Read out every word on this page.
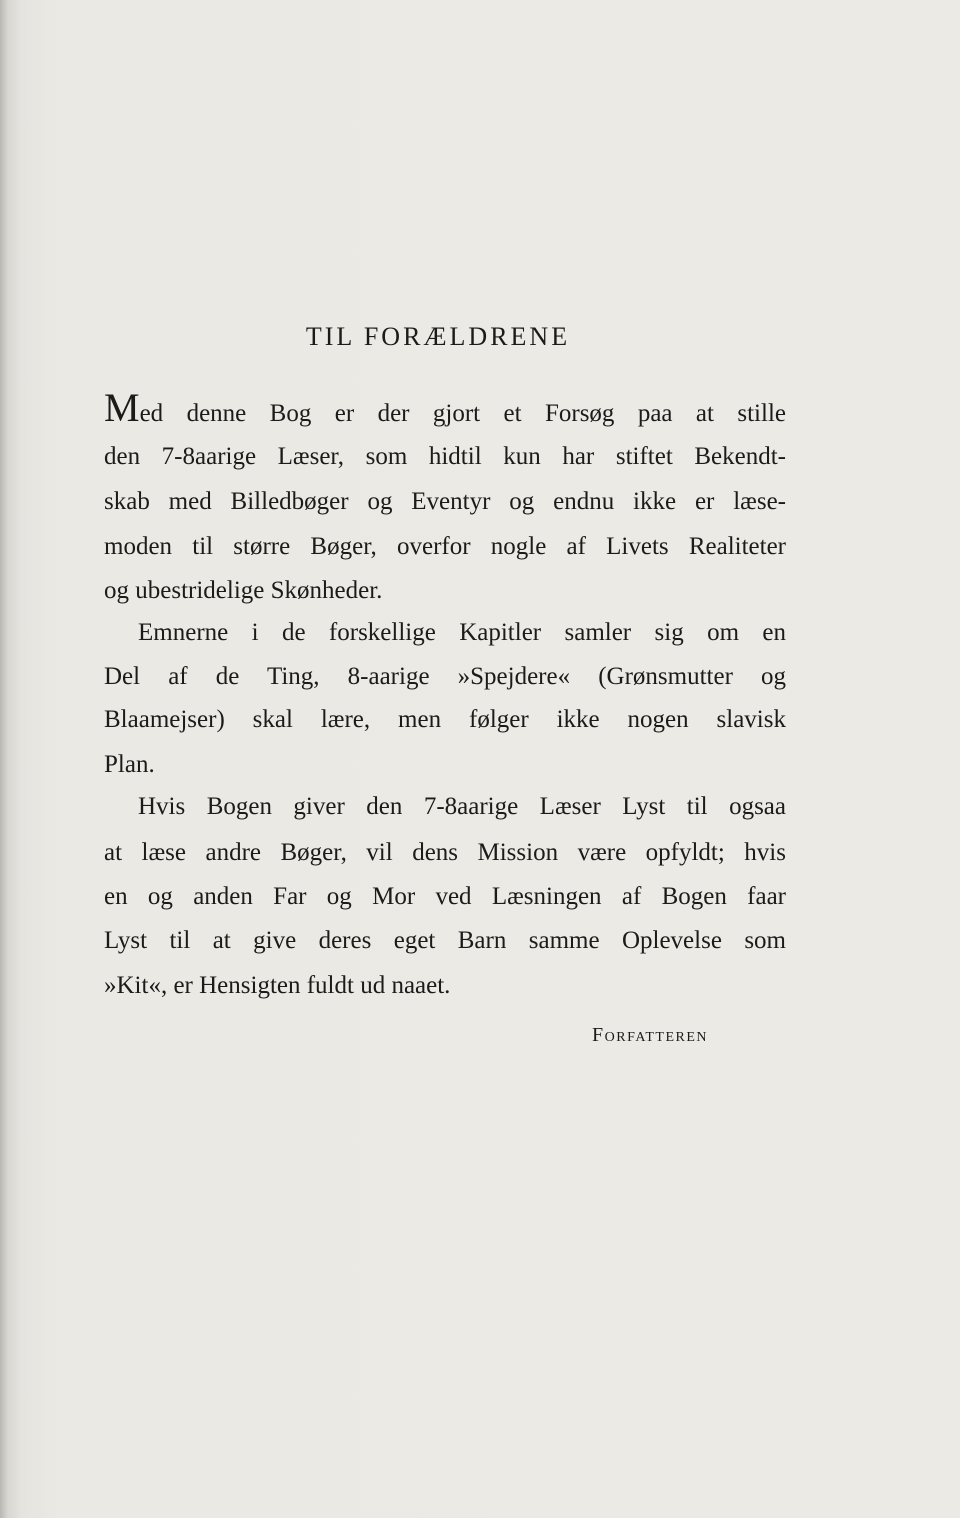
TIL FORÆLDRENE
Med denne Bog er der gjort et Forsøg paa at stille
den 7-8aarige Læser, som hidtil kun har stiftet Bekendt-
skab med Billedbøger og Eventyr og endnu ikke er læse-
moden til større Bøger, overfor nogle af Livets Realiteter
og ubestridelige Skønheder.
Emnerne i de forskellige Kapitler samler sig om en
Del af de Ting, 8-aarige »Spejdere« (Grønsmutter og
Blaamejser) skal lære, men følger ikke nogen slavisk
Plan.
Hvis Bogen giver den 7-8aarige Læser Lyst til ogsaa
at læse andre Bøger, vil dens Mission være opfyldt; hvis
en og anden Far og Mor ved Læsningen af Bogen faar
Lyst til at give deres eget Barn samme Oplevelse som
»Kit«, er Hensigten fuldt ud naaet.
Forfatteren
